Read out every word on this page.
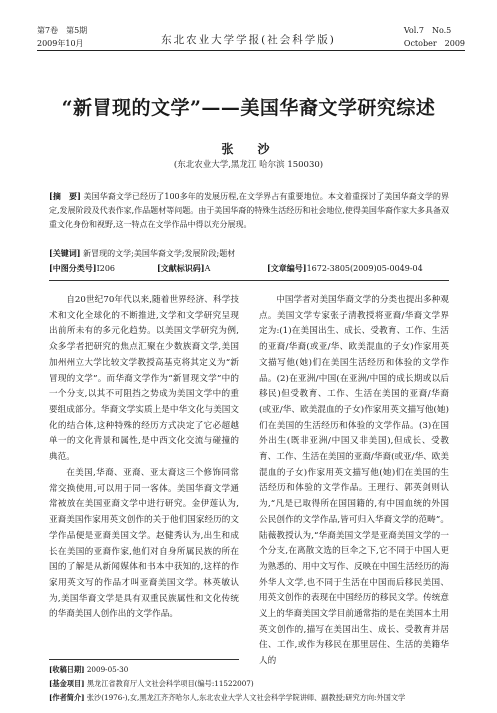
第7卷　第5期
2009年10月	东北农业大学学报(社会科学版)
Vol.7　No.5
October　2009
“新冒现的文学”——美国华裔文学研究综述
张　沙
(东北农业大学,黑龙江 哈尔滨 150030)
[摘　要] 美国华裔文学已经历了100多年的发展历程,在文学界占有重要地位。本文着重探讨了美国华裔文学的界定,发展阶段及代表作家,作品题材等问题。由于美国华裔的特殊生活经历和社会地位,使得美国华裔作家大多具备双重文化身份和视野,这一特点在文学作品中得以充分展现。
[关键词] 新冒现的文学;美国华裔文学;发展阶段;题材
[中图分类号]I206	[文献标识码]A	[文章编号]1672-3805(2009)05-0049-04

自20世纪70年代以来,随着世界经济、科学技术和文化全球化的不断推进,文学和文学研究呈现出前所未有的多元化趋势。以美国文学研究为例,众多学者把研究的焦点汇聚在少数族裔文学,美国加州州立大学比较文学教授高基克将其定义为“新冒现的文学”。而华裔文学作为“新冒现文学”中的一个分支,以其不可阻挡之势成为美国文学中的重要组成部分。华裔文学实质上是中华文化与美国文化的结合体,这种特殊的经历方式决定了它必超越单一的文化背景和属性,是中西文化交流与碰撞的典范。

在美国,华裔、亚裔、亚太裔这三个修饰同常常交换使用,可以用于同一客体。美国华裔文学通常被放在美国亚裔文学中进行研究。金伊莲认为,亚裔美国作家用英文创作的关于他们国家经历的文学作品便是亚裔美国文学。赵健秀认为,出生和成长在美国的亚裔作家,他们对自身所属民族的所在国的了解是从新闻媒体和书本中获知的,这样的作家用英文写的作品才叫亚裔美国文学。林英敏认为,美国华裔文学是具有双重民族属性和文化传统的华裔美国人创作出的文学作品。

中国学者对美国华裔文学的分类也提出多种观点。美国文学专家张子清教授将亚裔/华裔文学界定为:(1)在美国出生、成长、受教育、工作、生活的亚裔/华裔(或亚/华、欧美混血的子女)作家用英文描写他(她)们在美国生活经历和体验的文学作品。(2)在亚洲/中国(在亚洲/中国的成长期或以后移民)但受教育、工作、生活在美国的亚裔/华裔(或亚/华、欧美混血的子女)作家用英文描写他(她)们在美国的生活经历和体验的文学作品。(3)在国外出生(既非亚洲/中国又非美国),但成长、受教育、工作、生活在美国的亚裔/华裔(或亚/华、欧美混血的子女)作家用英文描写他(她)们在美国的生活经历和体验的文学作品。王理行、郭英剑则认为,“凡是已取得所在国国籍的,有中国血统的外国公民创作的文学作品,皆可归入华裔文学的范畴”。陆薇教授认为,“华裔美国文学是亚裔美国文学的一个分支,在离散文选的巨伞之下,它不同于中国人更为熟悉的、用中文写作、反映在中国生活经历的海外华人文学,也不同于生活在中国而后移民美国、用英文创作的表现在中国经历的移民文学。传统意义上的华裔美国文学目前通常指的是在美国本土用英文创作的,描写在美国出生、成长、受教育并居住、工作,或作为移民在那里居住、生活的美籍华人的

[收稿日期] 2009-05-30
[基金项目] 黑龙江省教育厅人文社会科学项目(编号:11522007)
[作者简介] 张沙(1976-),女,黑龙江齐齐哈尔人,东北农业大学人文社会科学学院讲师、副教授;研究方向:外国文学
